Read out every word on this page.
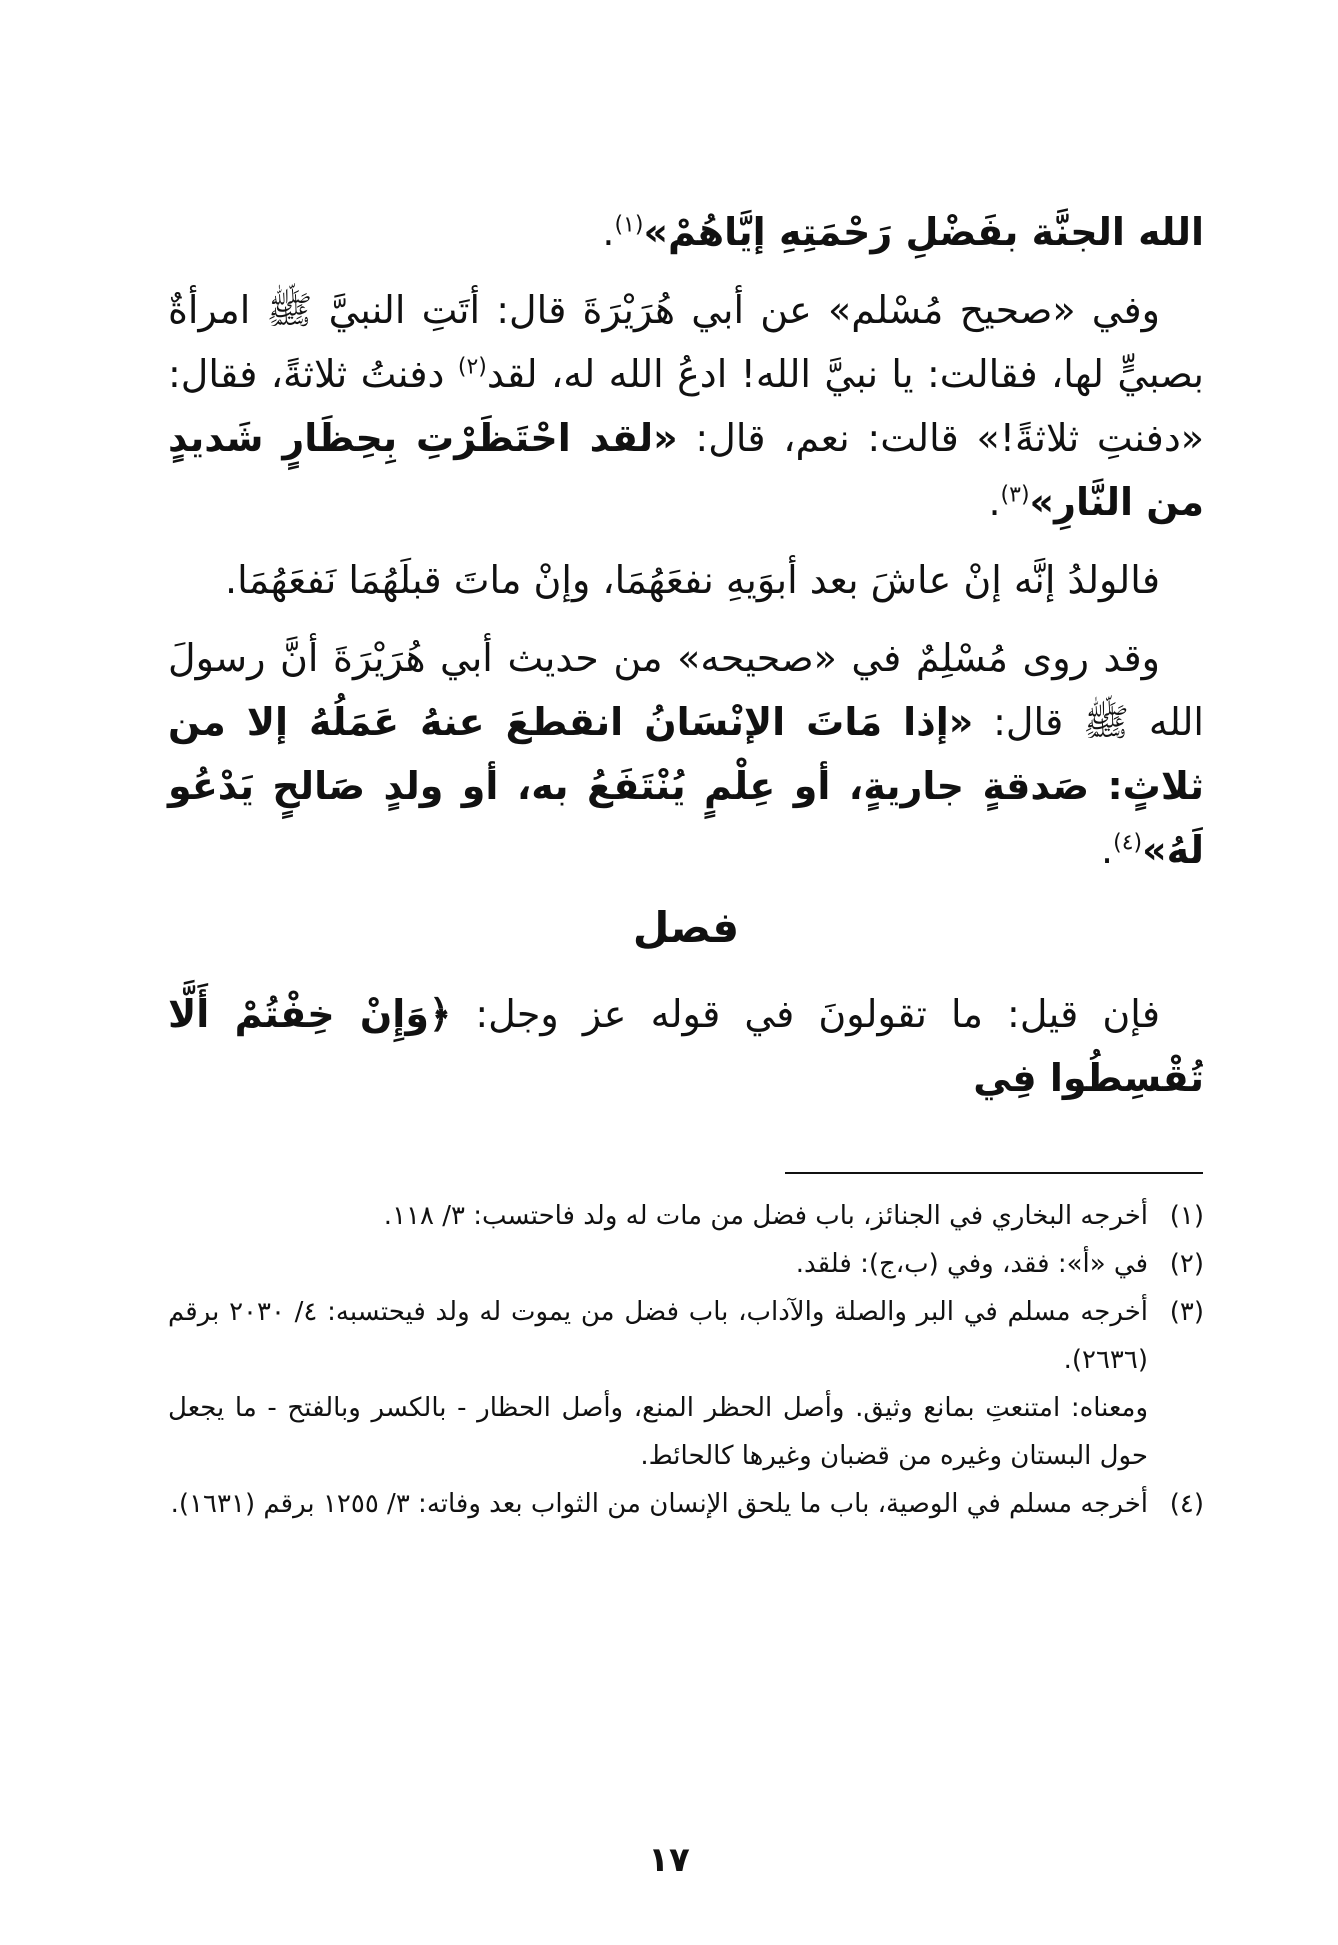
الله الجنَّة بفَضْلِ رَحْمَتِهِ إيَّاهُمْ»$^{(١)}$.

وفي «صحيح مُسْلم» عن أبي هُرَيْرَةَ قال: أتَتِ النبيَّ ﷺ امرأةٌ بصبيٍّ لها، فقالت: يا نبيَّ الله! ادعُ الله له، لقد$^{(٢)}$ دفنتُ ثلاثةً، فقال: «دفنتِ ثلاثةً!» قالت: نعم، قال: «لقد احْتَظَرْتِ بِحِظَارٍ شَديدٍ من النَّارِ»$^{(٣)}$.

فالولدُ إنَّه إنْ عاشَ بعد أبوَيهِ نفعَهُمَا، وإنْ ماتَ قبلَهُمَا نَفعَهُمَا.

وقد روى مُسْلِمٌ في «صحيحه» من حديث أبي هُرَيْرَةَ أنَّ رسولَ الله ﷺ قال: «إذا مَاتَ الإنْسَانُ انقطعَ عنهُ عَمَلُهُ إلا من ثلاثٍ: صَدقةٍ جاريةٍ، أو عِلْمٍ يُنْتَفَعُ به، أو ولدٍ صَالحٍ يَدْعُو لَهُ»$^{(٤)}$.

فصل

فإن قيل: ما تقولونَ في قوله عز وجل: ﴿وَإِنْ خِفْتُمْ أَلَّا تُقْسِطُوا فِي

(١)
أخرجه البخاري في الجنائز، باب فضل من مات له ولد فاحتسب: ٣/ ١١٨.
(٢)
في «أ»: فقد، وفي (ب،ج): فلقد.
(٣)
أخرجه مسلم في البر والصلة والآداب، باب فضل من يموت له ولد فيحتسبه: ٤/ ٢٠٣٠ برقم (٢٦٣٦).
ومعناه: امتنعتِ بمانع وثيق. وأصل الحظر المنع، وأصل الحظار - بالكسر وبالفتح - ما يجعل حول البستان وغيره من قضبان وغيرها كالحائط.
(٤)
أخرجه مسلم في الوصية، باب ما يلحق الإنسان من الثواب بعد وفاته: ٣/ ١٢٥٥ برقم (١٦٣١).
١٧
